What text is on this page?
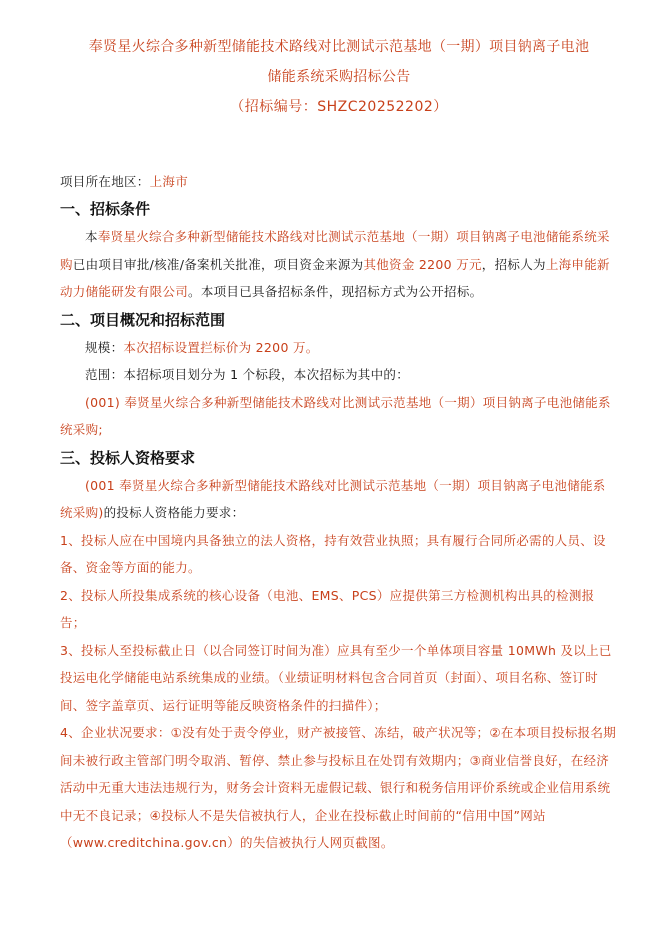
奉贤星火综合多种新型储能技术路线对比测试示范基地（一期）项目钠离子电池

储能系统采购招标公告

（招标编号：SHZC20252202）

项目所在地区：上海市

一、招标条件

本奉贤星火综合多种新型储能技术路线对比测试示范基地（一期）项目钠离子电池储能系统采购已由项目审批/核准/备案机关批准，项目资金来源为其他资金 2200 万元，招标人为上海申能新动力储能研发有限公司。本项目已具备招标条件，现招标方式为公开招标。

二、项目概况和招标范围

规模：本次招标设置拦标价为 2200 万。

范围：本招标项目划分为 1 个标段，本次招标为其中的：

(001) 奉贤星火综合多种新型储能技术路线对比测试示范基地（一期）项目钠离子电池储能系统采购;

三、投标人资格要求

(001 奉贤星火综合多种新型储能技术路线对比测试示范基地（一期）项目钠离子电池储能系统采购)的投标人资格能力要求：

1、投标人应在中国境内具备独立的法人资格，持有效营业执照；具有履行合同所必需的人员、设备、资金等方面的能力。

2、投标人所投集成系统的核心设备（电池、EMS、PCS）应提供第三方检测机构出具的检测报告；

3、投标人至投标截止日（以合同签订时间为准）应具有至少一个单体项目容量 10MWh 及以上已投运电化学储能电站系统集成的业绩。（业绩证明材料包含合同首页（封面）、项目名称、签订时间、签字盖章页、运行证明等能反映资格条件的扫描件）；

4、企业状况要求：①没有处于责令停业，财产被接管、冻结，破产状况等；②在本项目投标报名期间未被行政主管部门明令取消、暂停、禁止参与投标且在处罚有效期内；③商业信誉良好，在经济活动中无重大违法违规行为，财务会计资料无虚假记载、银行和税务信用评价系统或企业信用系统中无不良记录；④投标人不是失信被执行人，企业在投标截止时间前的“信用中国”网站（www.creditchina.gov.cn）的失信被执行人网页截图。
